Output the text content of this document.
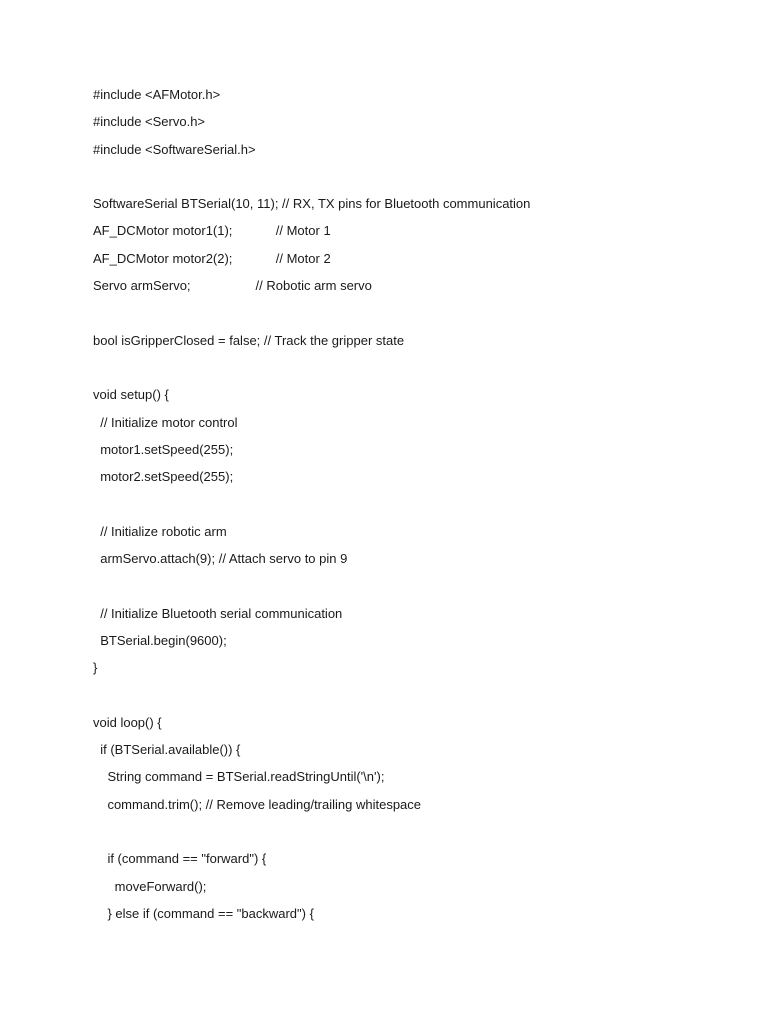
#include <AFMotor.h>
#include <Servo.h>
#include <SoftwareSerial.h>
SoftwareSerial BTSerial(10, 11); // RX, TX pins for Bluetooth communication
AF_DCMotor motor1(1);            // Motor 1
AF_DCMotor motor2(2);            // Motor 2
Servo armServo;                  // Robotic arm servo
bool isGripperClosed = false; // Track the gripper state
void setup() {
// Initialize motor control
motor1.setSpeed(255);
motor2.setSpeed(255);
// Initialize robotic arm
armServo.attach(9); // Attach servo to pin 9
// Initialize Bluetooth serial communication
BTSerial.begin(9600);
}
void loop() {
if (BTSerial.available()) {
String command = BTSerial.readStringUntil('\n');
command.trim(); // Remove leading/trailing whitespace
if (command == "forward") {
moveForward();
} else if (command == "backward") {
